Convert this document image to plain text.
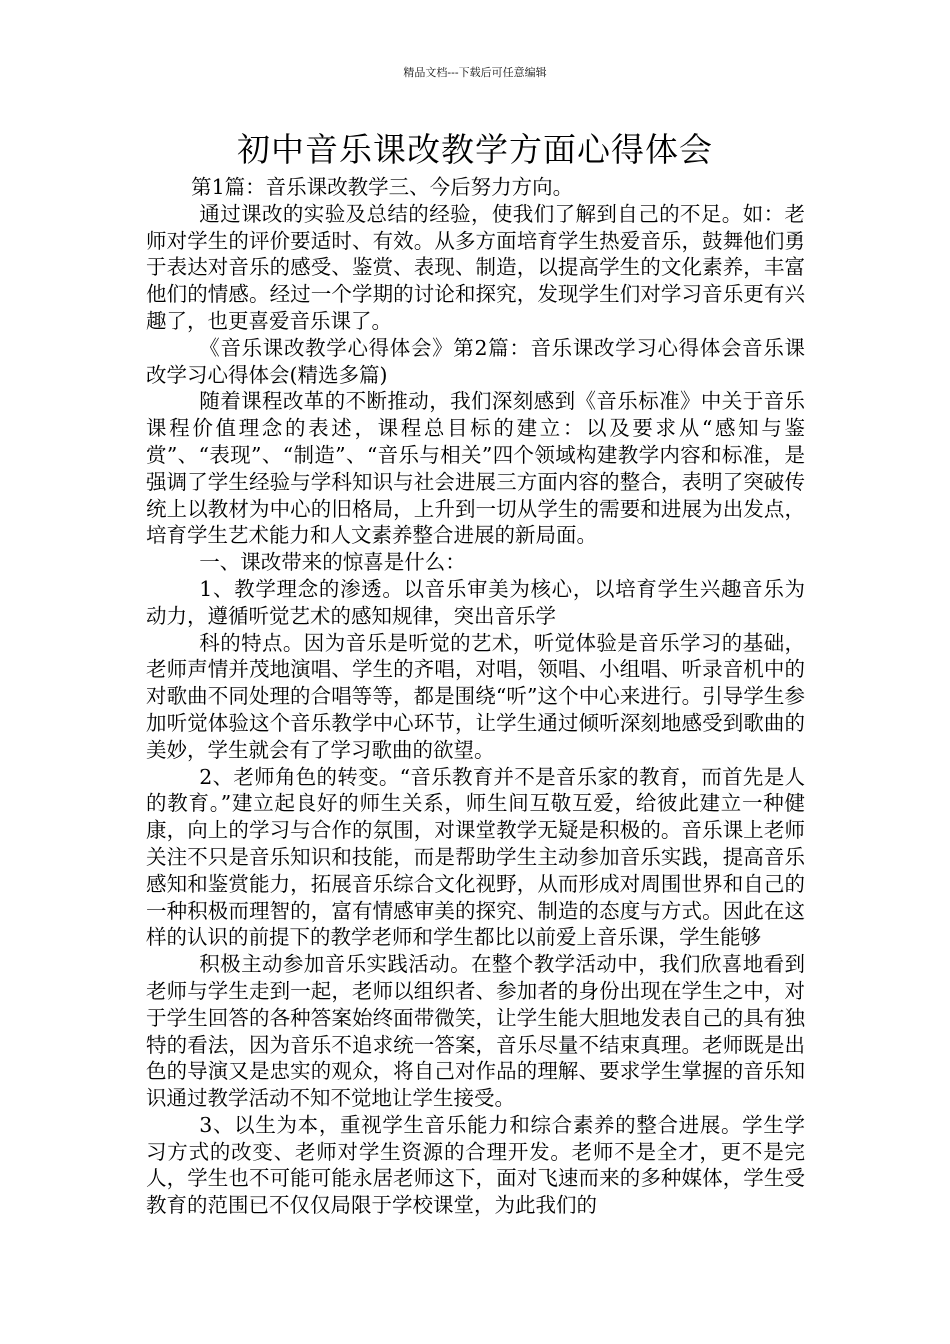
精品文档---下载后可任意编辑
初中音乐课改教学方面心得体会

第1篇：音乐课改教学三、今后努力方向。

通过课改的实验及总结的经验，使我们了解到自己的不足。如：老师对学生的评价要适时、有效。从多方面培育学生热爱音乐，鼓舞他们勇于表达对音乐的感受、鉴赏、表现、制造，以提高学生的文化素养，丰富他们的情感。经过一个学期的讨论和探究，发现学生们对学习音乐更有兴趣了，也更喜爱音乐课了。

《音乐课改教学心得体会》第2篇：音乐课改学习心得体会音乐课改学习心得体会(精选多篇)

随着课程改革的不断推动，我们深刻感到《音乐标准》中关于音乐课程价值理念的表述，课程总目标的建立：以及要求从“感知与鉴赏”、“表现”、“制造”、“音乐与相关”四个领域构建教学内容和标准，是强调了学生经验与学科知识与社会进展三方面内容的整合，表明了突破传统上以教材为中心的旧格局，上升到一切从学生的需要和进展为出发点，培育学生艺术能力和人文素养整合进展的新局面。

一、课改带来的惊喜是什么：

1、教学理念的渗透。以音乐审美为核心，以培育学生兴趣音乐为动力，遵循听觉艺术的感知规律，突出音乐学

科的特点。因为音乐是听觉的艺术，听觉体验是音乐学习的基础，老师声情并茂地演唱、学生的齐唱，对唱，领唱、小组唱、听录音机中的对歌曲不同处理的合唱等等，都是围绕“听”这个中心来进行。引导学生参加听觉体验这个音乐教学中心环节，让学生通过倾听深刻地感受到歌曲的美妙，学生就会有了学习歌曲的欲望。

2、老师角色的转变。“音乐教育并不是音乐家的教育，而首先是人的教育。”建立起良好的师生关系，师生间互敬互爱，给彼此建立一种健康，向上的学习与合作的氛围，对课堂教学无疑是积极的。音乐课上老师关注不只是音乐知识和技能，而是帮助学生主动参加音乐实践，提高音乐感知和鉴赏能力，拓展音乐综合文化视野，从而形成对周围世界和自己的一种积极而理智的，富有情感审美的探究、制造的态度与方式。因此在这样的认识的前提下的教学老师和学生都比以前爱上音乐课，学生能够

积极主动参加音乐实践活动。在整个教学活动中，我们欣喜地看到老师与学生走到一起，老师以组织者、参加者的身份出现在学生之中，对于学生回答的各种答案始终面带微笑，让学生能大胆地发表自己的具有独特的看法，因为音乐不追求统一答案，音乐尽量不结束真理。老师既是出色的导演又是忠实的观众，将自己对作品的理解、要求学生掌握的音乐知识通过教学活动不知不觉地让学生接受。

3、以生为本，重视学生音乐能力和综合素养的整合进展。学生学习方式的改变、老师对学生资源的合理开发。老师不是全才，更不是完人，学生也不可能可能永居老师这下，面对飞速而来的多种媒体，学生受教育的范围已不仅仅局限于学校课堂，为此我们的
